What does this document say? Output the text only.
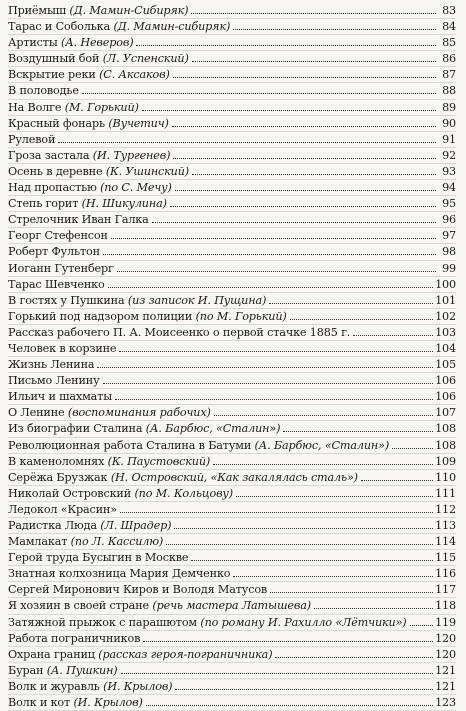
Приёмыш (Д. Мамин-Сибиряк)	83
Тарас и Соболька (Д. Мамин-сибиряк)	84
Артисты (А. Неверов)	85
Воздушный бой (Л. Успенский)	86
Вскрытие реки (С. Аксаков)	87
В половодье	88
На Волге (М. Горький)	89
Красный фонарь (Вучетич)	90
Рулевой	91
Гроза застала (И. Тургенев)	92
Осень в деревне (К. Ушинский)	93
Над пропастью (по С. Мечу)	94
Степь горит (Н. Шикулина)	95
Стрелочник Иван Галка	96
Георг Стефенсон	97
Роберт Фультон	98
Иоганн Гутенберг	99
Тарас Шевченко	100
В гостях у Пушкина (из записок И. Пущина)	101
Горький под надзором полиции (по М. Горький)	102
Рассказ рабочего П. А. Моисеенко о первой стачке 1885 г.	103
Человек в корзине	104
Жизнь Ленина	105
Письмо Ленину	106
Ильич и шахматы	106
О Ленине (воспоминания рабочих)	107
Из биографии Сталина (А. Барбюс, «Сталин»)	108
Революционная работа Сталина в Батуми (А. Барбюс, «Сталин»)	108
В каменоломнях (К. Паустовский)	109
Серёжа Брузжак (Н. Островский, «Как закалялась сталь»)	110
Николай Островский (по М. Кольцову)	111
Ледокол «Красин»	112
Радистка Люда (Л. Шрадер)	113
Мамлакат (по Л. Кассилю)	114
Герой труда Бусыгин в Москве	115
Знатная колхозница Мария Демченко	116
Сергей Миронович Киров и Володя Матусов	117
Я хозяин в своей стране (речь мастера Латышева)	118
Затяжной прыжок с парашютом (по роману И. Рахилло «Лётчики»)	119
Работа пограничников	120
Охрана границ (рассказ героя-пограничника)	120
Буран (А. Пушкин)	121
Волк и журавль (И. Крылов)	121
Волк и кот (И. Крылов)	123
